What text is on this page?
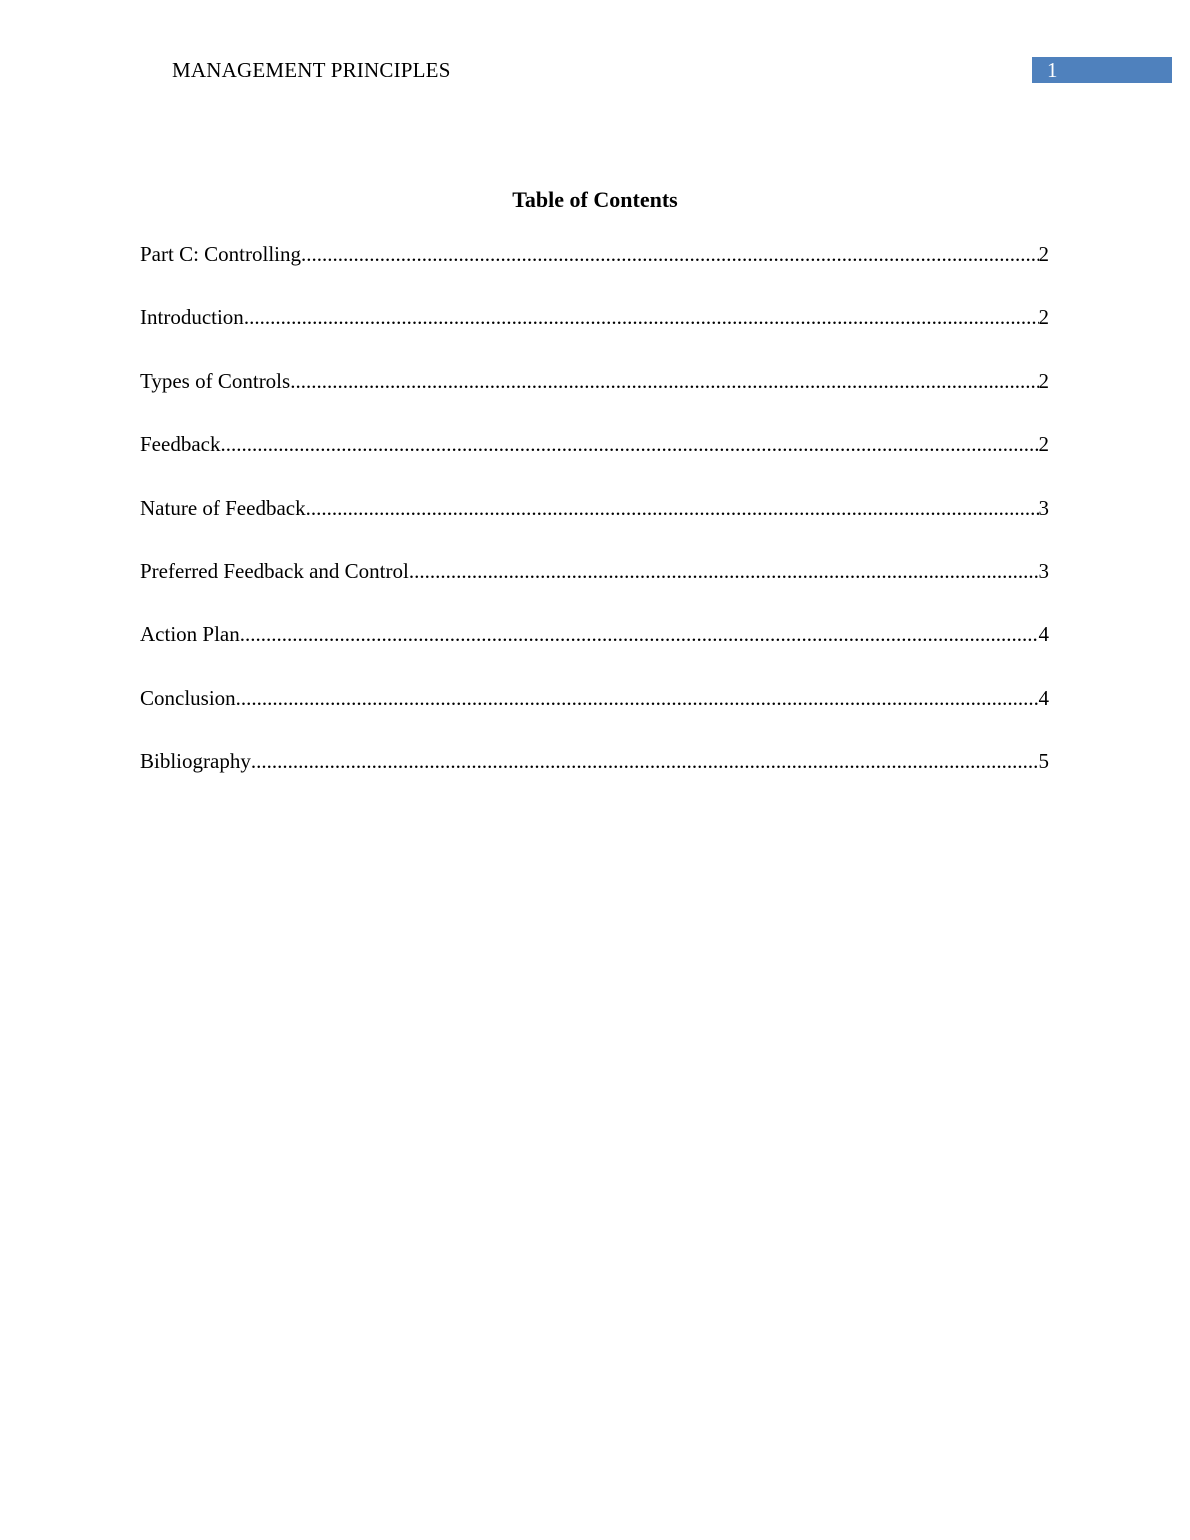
MANAGEMENT PRINCIPLES	1
Table of Contents
Part C: Controlling .....	2
Introduction .....	2
Types of Controls .....	2
Feedback .....	2
Nature of Feedback .....	3
Preferred Feedback and Control .....	3
Action Plan .....	4
Conclusion .....	4
Bibliography .....	5
